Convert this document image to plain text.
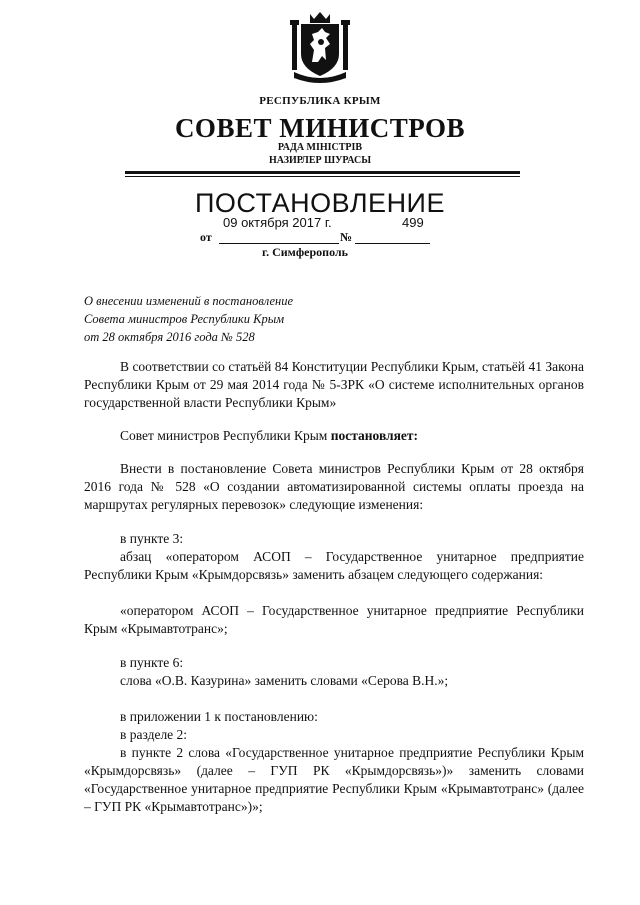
РЕСПУБЛИКА КРЫМ
СОВЕТ МИНИСТРОВ
РАДА МІНІСТРІВ
НАЗИРЛЕР ШУРАСЫ
ПОСТАНОВЛЕНИЕ
09 октября 2017 г.	499
от	№
г. Симферополь
О внесении изменений в постановление
Совета министров Республики Крым
от 28 октября 2016 года № 528
В соответствии со статьёй 84 Конституции Республики Крым, статьёй 41 Закона Республики Крым от 29 мая 2014 года № 5-ЗРК «О системе исполнительных органов государственной власти Республики Крым»
Совет министров Республики Крым постановляет:
Внести в постановление Совета министров Республики Крым от 28 октября 2016 года № 528 «О создании автоматизированной системы оплаты проезда на маршрутах регулярных перевозок» следующие изменения:
в пункте 3:
абзац «оператором АСОП – Государственное унитарное предприятие Республики Крым «Крымдорсвязь» заменить абзацем следующего содержания:
«оператором АСОП – Государственное унитарное предприятие Республики Крым «Крымавтотранс»;
в пункте 6:
слова «О.В. Казурина» заменить словами «Серова В.Н.»;
в приложении 1 к постановлению:
в разделе 2:
в пункте 2 слова «Государственное унитарное предприятие Республики Крым «Крымдорсвязь» (далее – ГУП РК «Крымдорсвязь»)» заменить словами «Государственное унитарное предприятие Республики Крым «Крымавтотранс» (далее – ГУП РК «Крымавтотранс»)»;
